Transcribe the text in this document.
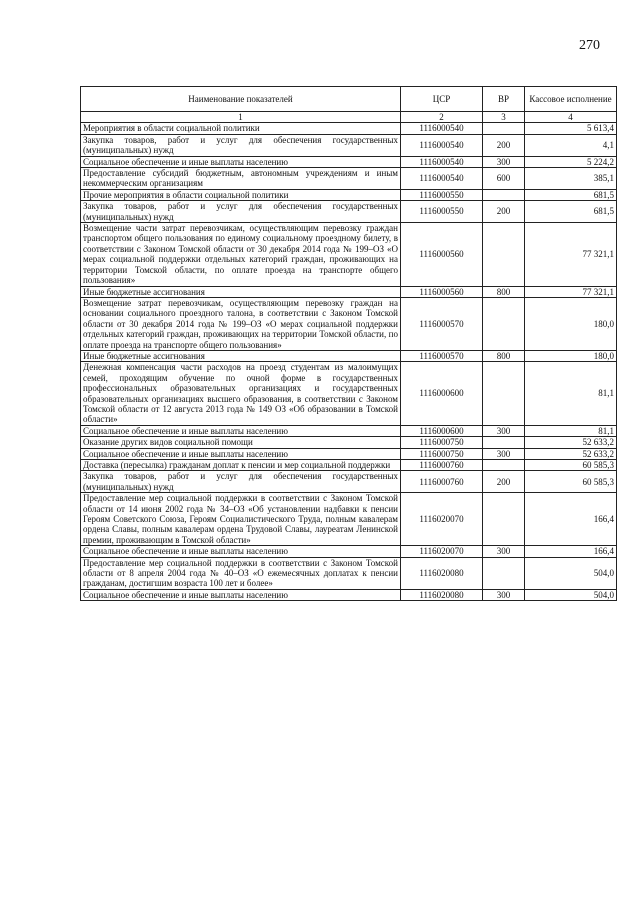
270
Наименование показателей	ЦСР	ВР	Кассовое исполнение
1	2	3	4
Мероприятия в области социальной политики	1116000540		5 613,4
Закупка товаров, работ и услуг для обеспечения государственных (муниципальных) нужд	1116000540	200	4,1
Социальное обеспечение и иные выплаты населению	1116000540	300	5 224,2
Предоставление субсидий бюджетным, автономным учреждениям и иным некоммерческим организациям	1116000540	600	385,1
Прочие мероприятия в области социальной политики	1116000550		681,5
Закупка товаров, работ и услуг для обеспечения государственных (муниципальных) нужд	1116000550	200	681,5
Возмещение части затрат перевозчикам, осуществляющим перевозку граждан транспортом общего пользования по единому социальному проездному билету, в соответствии с Законом Томской области от 30 декабря 2014 года № 199–ОЗ «О мерах социальной поддержки отдельных категорий граждан, проживающих на территории Томской области, по оплате проезда на транспорте общего пользования»	1116000560		77 321,1
Иные бюджетные ассигнования	1116000560	800	77 321,1
Возмещение затрат перевозчикам, осуществляющим перевозку граждан на основании социального проездного талона, в соответствии с Законом Томской области от 30 декабря 2014 года № 199–ОЗ «О мерах социальной поддержки отдельных категорий граждан, проживающих на территории Томской области, по оплате проезда на транспорте общего пользования»	1116000570		180,0
Иные бюджетные ассигнования	1116000570	800	180,0
Денежная компенсация части расходов на проезд студентам из малоимущих семей, проходящим обучение по очной форме в государственных профессиональных образовательных организациях и государственных образовательных организациях высшего образования, в соответствии с Законом Томской области от 12 августа 2013 года № 149 ОЗ «Об образовании в Томской области»	1116000600		81,1
Социальное обеспечение и иные выплаты населению	1116000600	300	81,1
Оказание других видов социальной помощи	1116000750		52 633,2
Социальное обеспечение и иные выплаты населению	1116000750	300	52 633,2
Доставка (пересылка) гражданам доплат к пенсии и мер социальной поддержки	1116000760		60 585,3
Закупка товаров, работ и услуг для обеспечения государственных (муниципальных) нужд	1116000760	200	60 585,3
Предоставление мер социальной поддержки в соответствии с Законом Томской области от 14 июня 2002 года № 34–ОЗ «Об установлении надбавки к пенсии Героям Советского Союза, Героям Социалистического Труда, полным кавалерам ордена Славы, полным кавалерам ордена Трудовой Славы, лауреатам Ленинской премии, проживающим в Томской области»	1116020070		166,4
Социальное обеспечение и иные выплаты населению	1116020070	300	166,4
Предоставление мер социальной поддержки в соответствии с Законом Томской области от 8 апреля 2004 года № 40–ОЗ «О ежемесячных доплатах к пенсии гражданам, достигшим возраста 100 лет и более»	1116020080		504,0
Социальное обеспечение и иные выплаты населению	1116020080	300	504,0
